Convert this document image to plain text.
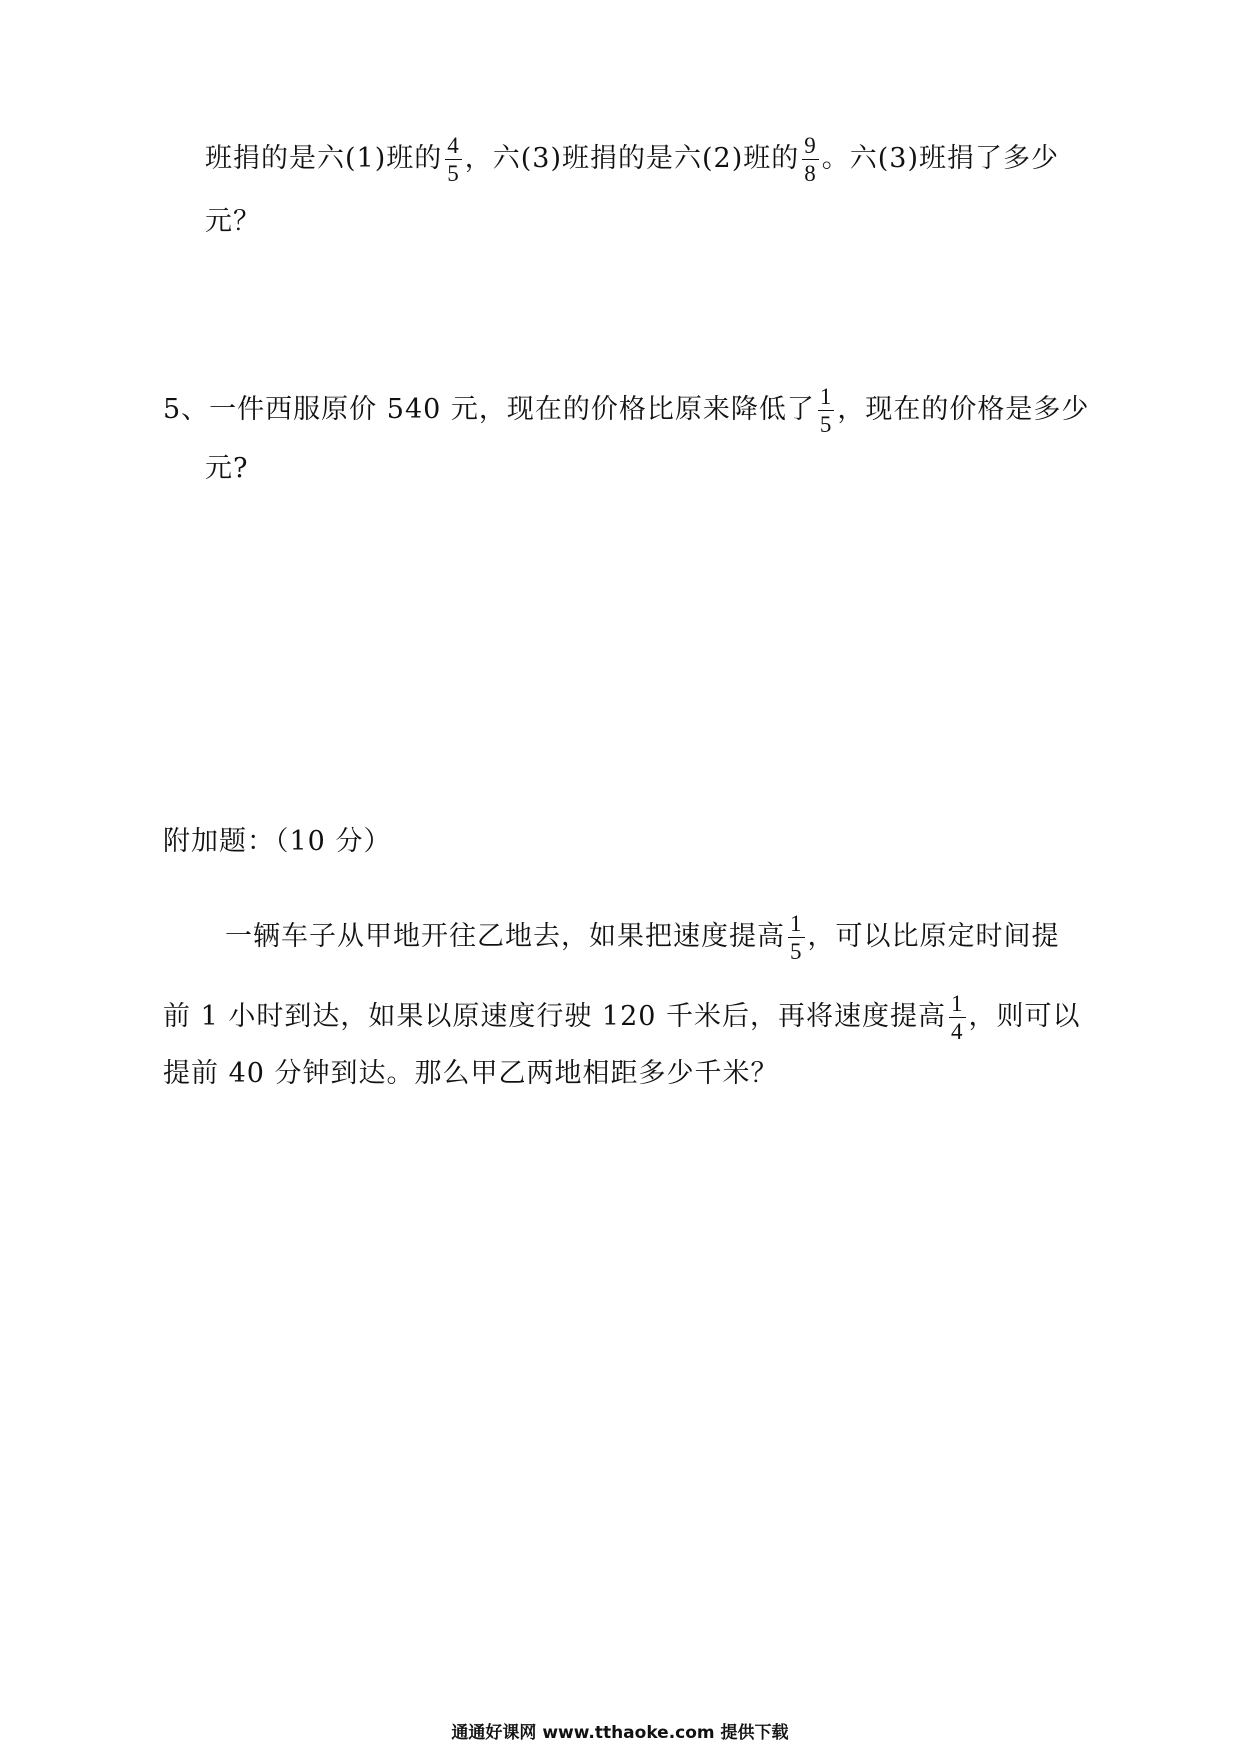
班捐的是六(1)班的 $\frac{4}{5}$ ，六(3)班捐的是六(2)班的 $\frac{9}{8}$ 。六(3)班捐了多少
元？
5、一件西服原价 540 元，现在的价格比原来降低了 $\frac{1}{5}$ ，现在的价格是多少
元?
附加题：（10 分）
一辆车子从甲地开往乙地去，如果把速度提高 $\frac{1}{5}$ ，可以比原定时间提
前 1 小时到达，如果以原速度行驶 120 千米后，再将速度提高 $\frac{1}{4}$ ，则可以
提前 40 分钟到达。那么甲乙两地相距多少千米？
通通好课网 www.tthaoke.com 提供下载
